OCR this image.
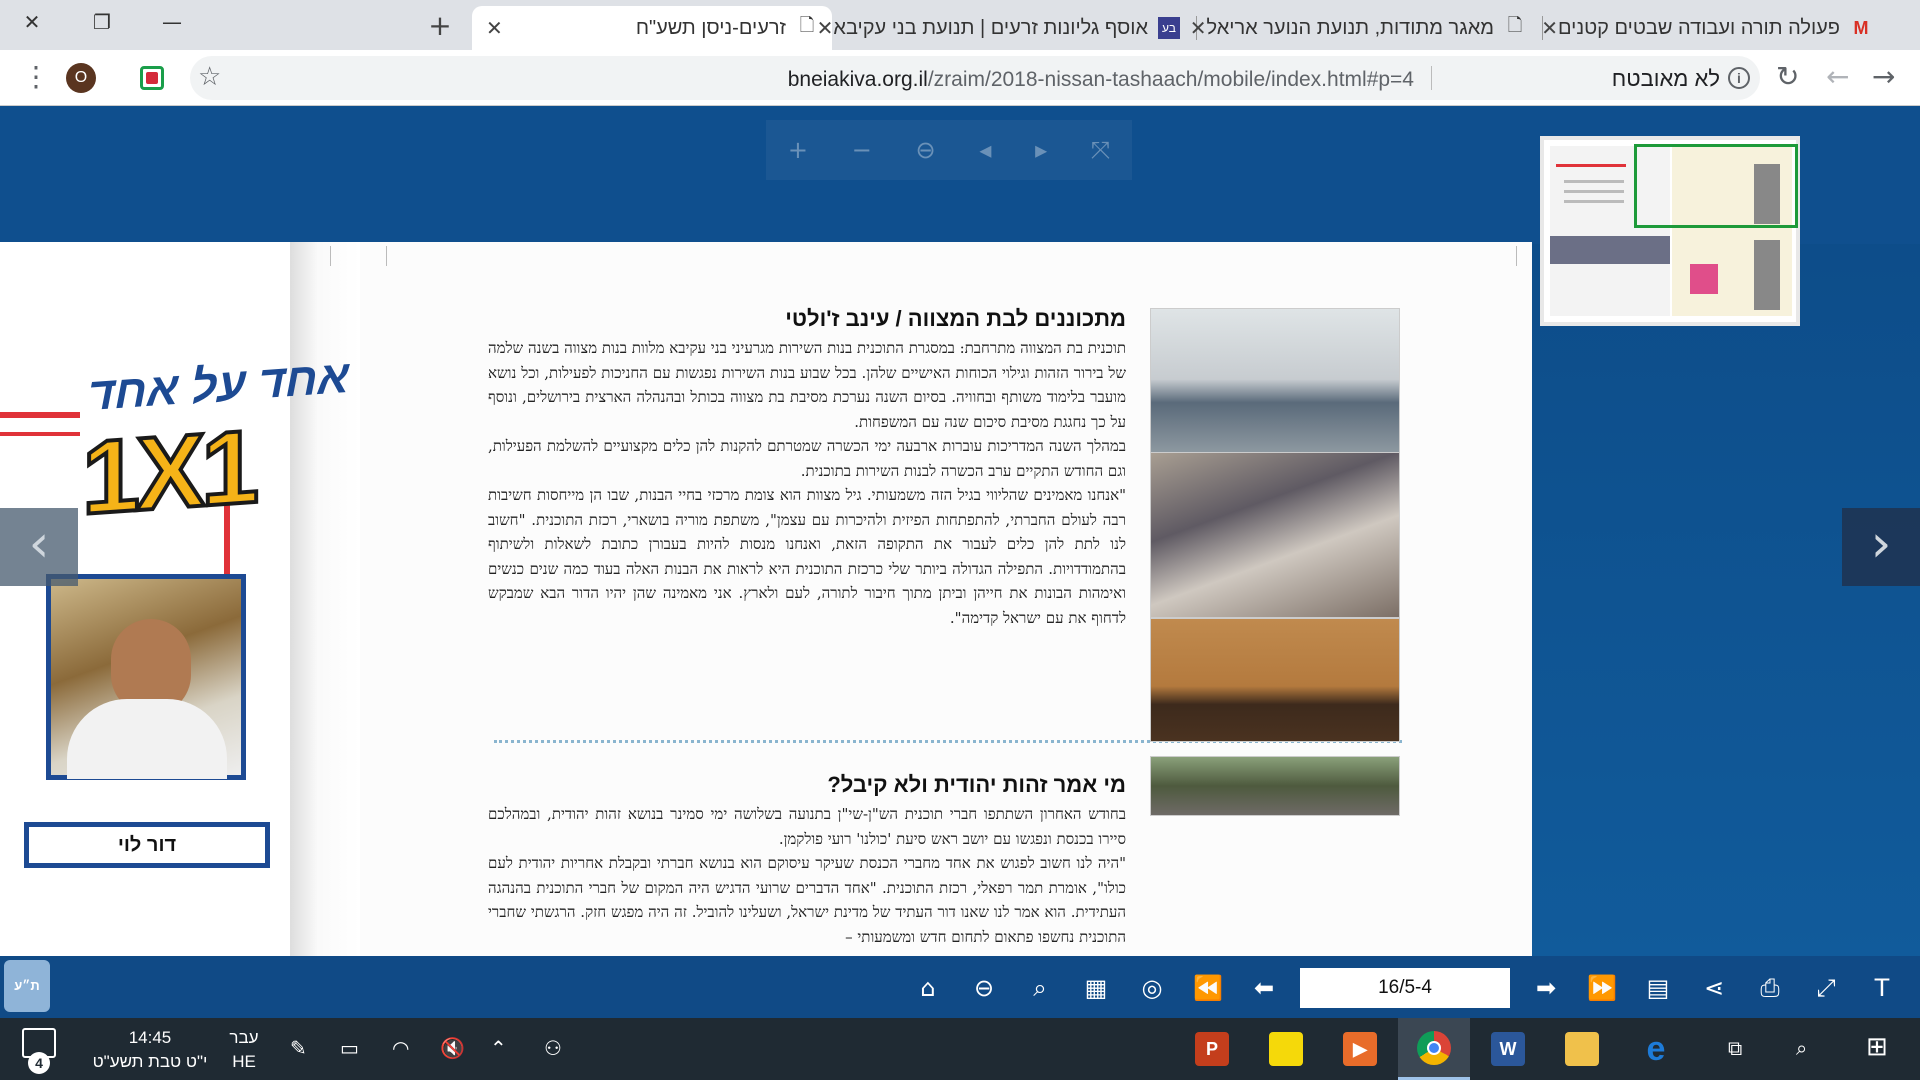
✕	❐	—	+	🗋
זרעים-ניסן תשע"ח
✕	בע
אוסף גליונות זרעים | תנועת בני עקיבא
✕	🗋
מאגר מתודות, תנועת הנוער אריאל
✕	M
פעולה תורה ועבודה שבטים קטנים
✕
☆	bneiakiva.org.il/zraim/2018-nissan-tashaach/mobile/index.html#p=4	לא מאובטח	i
⋮	O	↻ ← →
+ − ⊖ ◂ ▸ ⤧
אחד על אחד
1X1
דור לוי
מתכוננים לבת המצווה / עינב ז'ולטי

תוכנית בת המצווה מתרחבת: במסגרת התוכנית בנות השירות מגרעיני בני עקיבא מלוות בנות מצווה בשנה שלמה של בירור הזהות וגילוי הכוחות האישיים שלהן. בכל שבוע בנות השירות נפגשות עם החניכות לפעילות, וכל נושא מועבר בלימוד משותף ובחוויה. בסיום השנה נערכת מסיבת בת מצווה בכותל ובהנהלה הארצית בירושלים, ונוסף על כך נחגגת מסיבת סיכום שנה עם המשפחות.

במהלך השנה המדריכות עוברות ארבעה ימי הכשרה שמטרתם להקנות להן כלים מקצועיים להשלמת הפעילות, וגם החודש התקיים ערב הכשרה לבנות השירות בתוכנית.

"אנחנו מאמינים שהליווי בגיל הזה משמעותי. גיל מצוות הוא צומת מרכזי בחיי הבנות, שבו הן מייחסות חשיבות רבה לעולם החברתי, להתפתחות הפיזית ולהיכרות עם עצמן", משתפת מוריה בושארי, רכזת התוכנית. "חשוב לנו לתת להן כלים לעבור את התקופה הזאת, ואנחנו מנסות להיות בעבורן כתובת לשאלות ולשיתוף בהתמודדויות. התפילה הגדולה ביותר שלי כרכזת התוכנית היא לראות את הבנות האלה בעוד כמה שנים כנשים ואימהות הבונות את חייהן וביתן מתוך חיבור לתורה, לעם ולארץ. אני מאמינה שהן יהיו הדור הבא שמבקש לדחוף את עם ישראל קדימה".

מי אמר זהות יהודית ולא קיבל?

בחודש האחרון השתתפו חברי תוכנית הש"ן-שי"ן בתנועה בשלושה ימי סמינר בנושא זהות יהודית, ובמהלכם סיירו בכנסת ונפגשו עם יושב ראש סיעת 'כולנו' רועי פולקמן.

"היה לנו חשוב לפגוש את אחד מחברי הכנסת שעיקר עיסוקם הוא בנושא חברתי ובקבלת אחריות יהודית לעם כולו", אומרת תמר רפאלי, רכזת התוכנית. "אחד הדברים שרועי הדגיש היה המקום של חברי התוכנית בהנהגה העתידית. הוא אמר לנו שאנו דור העתיד של מדינת ישראל, ושעלינו להוביל. זה היה מפגש חזק. הרגשתי שחברי התוכנית נחשפו פתאום לתחום חדש ומשמעותי –

‹	›
ת״ע	⌂	⊖	⌕	▦	◎	⏪	⬅	16/5-4	➡	⏩	▤	⋖	⎙	⤢	T
4
14:45
י"ט טבת תשע"ט
עבר
HE
✎ ▭ ◠ 🔇 ⌃ ⚇	P	▶	W	e	⧉	⌕ ⊞
